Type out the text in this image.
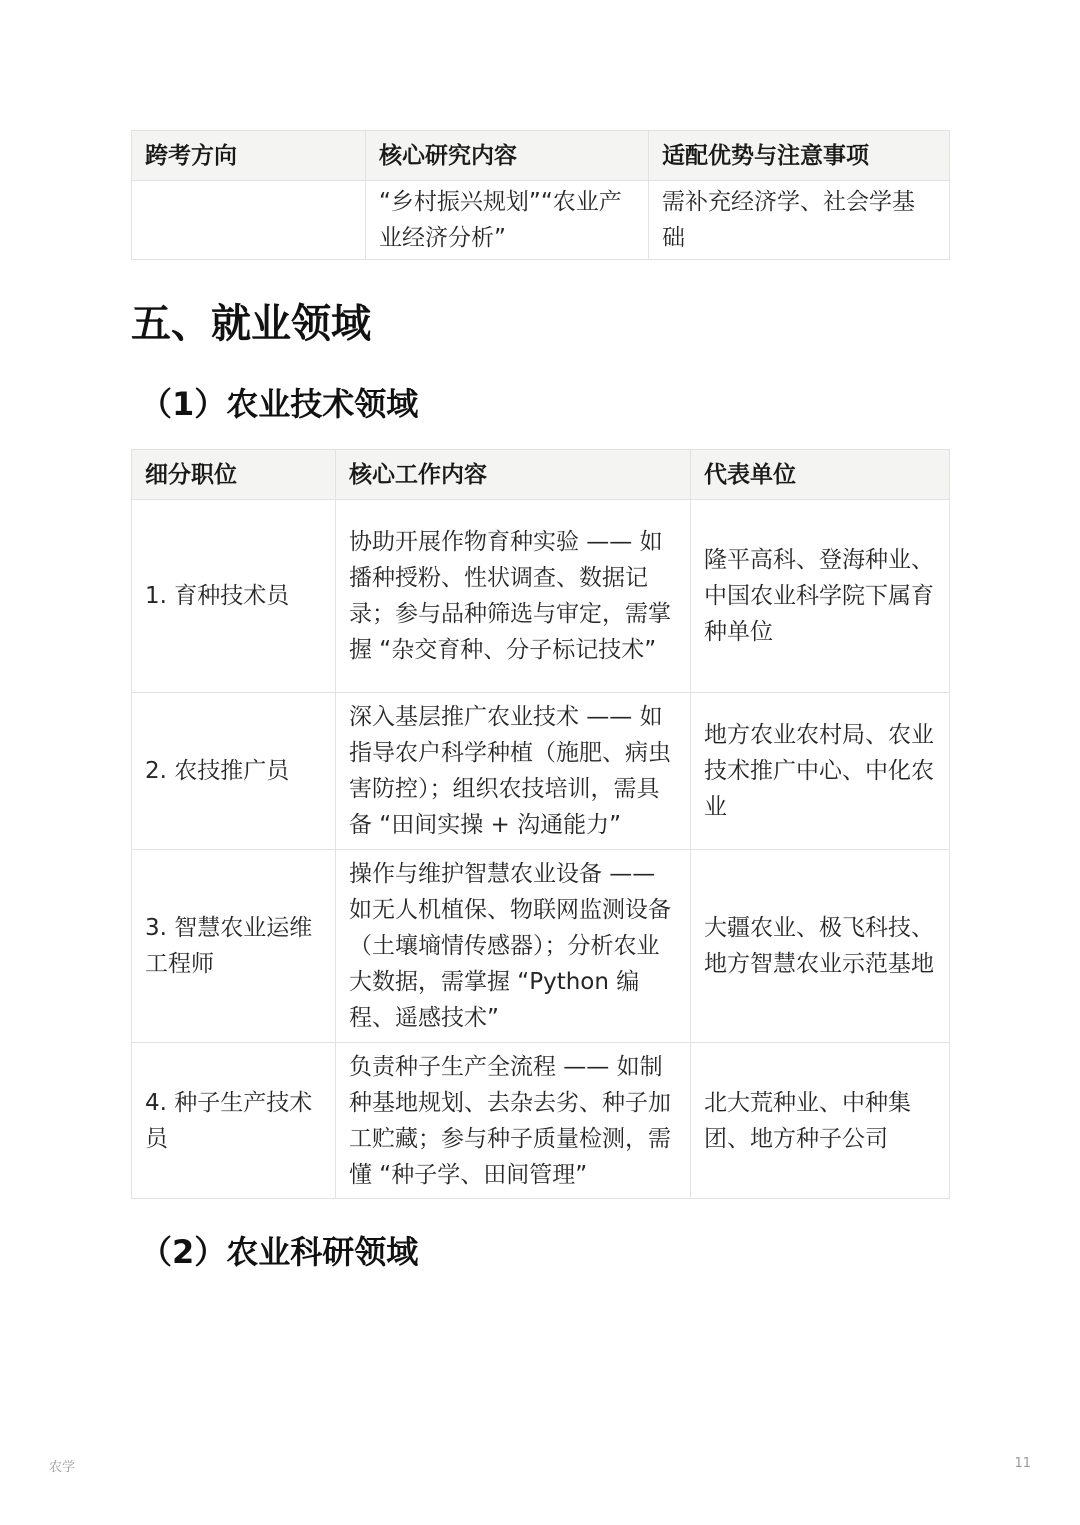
跨考方向	核心研究内容	适配优势与注意事项
	“乡村振兴规划”“农业产业经济分析”	需补充经济学、社会学基础
五、就业领域
（1）农业技术领域
细分职位	核心工作内容	代表单位
1. 育种技术员	协助开展作物育种实验 —— 如播种授粉、性状调查、数据记录；参与品种筛选与审定，需掌握 “杂交育种、分子标记技术”	隆平高科、登海种业、中国农业科学院下属育种单位
2. 农技推广员	深入基层推广农业技术 —— 如指导农户科学种植（施肥、病虫害防控）；组织农技培训，需具备 “田间实操 + 沟通能力”	地方农业农村局、农业技术推广中心、中化农业
3. 智慧农业运维工程师	操作与维护智慧农业设备 —— 如无人机植保、物联网监测设备（土壤墒情传感器）；分析农业大数据，需掌握 “Python 编程、遥感技术”	大疆农业、极飞科技、地方智慧农业示范基地
4. 种子生产技术员	负责种子生产全流程 —— 如制种基地规划、去杂去劣、种子加工贮藏；参与种子质量检测，需懂 “种子学、田间管理”	北大荒种业、中种集团、地方种子公司
（2）农业科研领域
农学	11
